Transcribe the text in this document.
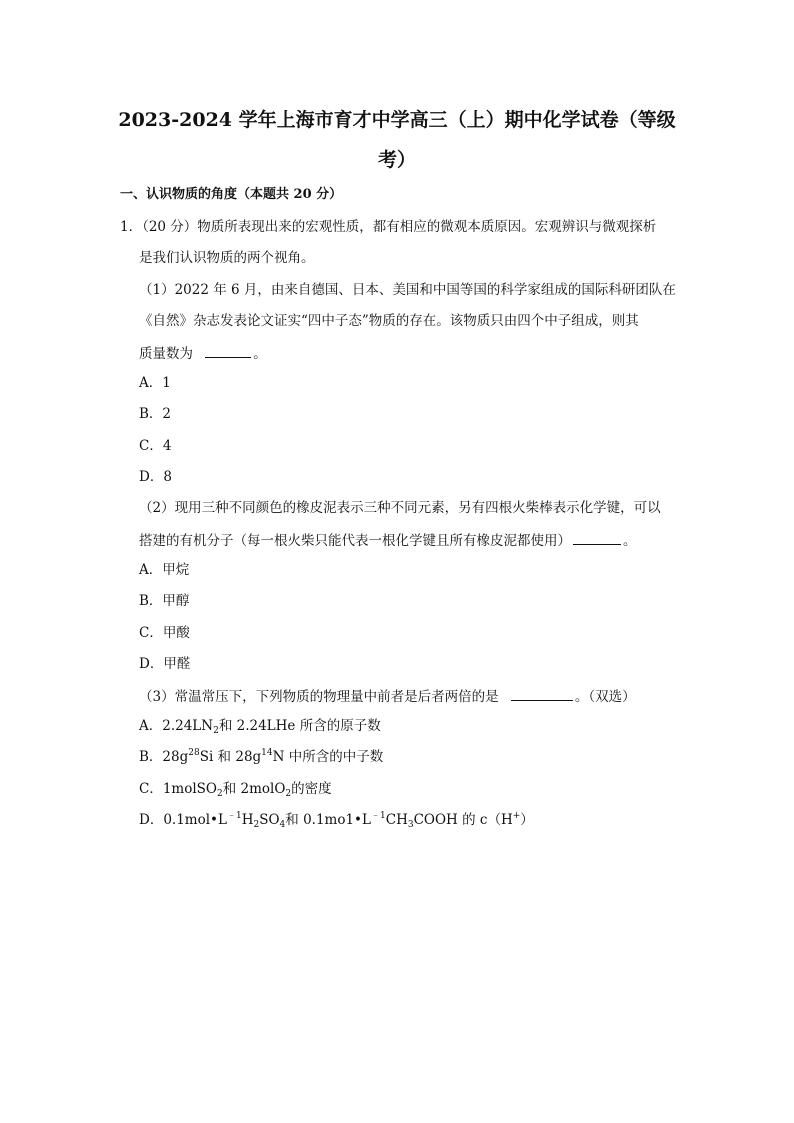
2023-2024 学年上海市育才中学高三（上）期中化学试卷（等级
考）
一、认识物质的角度（本题共 20 分）
1．（20 分）物质所表现出来的宏观性质，都有相应的微观本质原因。宏观辨识与微观探析
是我们认识物质的两个视角。
（1）2022 年 6 月，由来自德国、日本、美国和中国等国的科学家组成的国际科研团队在
《自然》杂志发表论文证实“四中子态”物质的存在。该物质只由四个中子组成，则其
质量数为	。
A．1
B．2
C．4
D．8
（2）现用三种不同颜色的橡皮泥表示三种不同元素，另有四根火柴棒表示化学键，可以
搭建的有机分子（每一根火柴只能代表一根化学键且所有橡皮泥都使用）	。
A．甲烷
B．甲醇
C．甲酸
D．甲醛
（3）常温常压下，下列物质的物理量中前者是后者两倍的是	。（双选）
A．$2.24LN_2$和 2.24LHe 所含的原子数
B．$28g^{28}Si$ 和 $28g^{14}N$ 中所含的中子数
C．1molSO$_2$和 2molO$_2$的密度
D．$0.1mol•L^{﹣1}H_2SO_4$和 $0.1mo1•L^{﹣1}CH_3COOH$ 的 c（H+）
